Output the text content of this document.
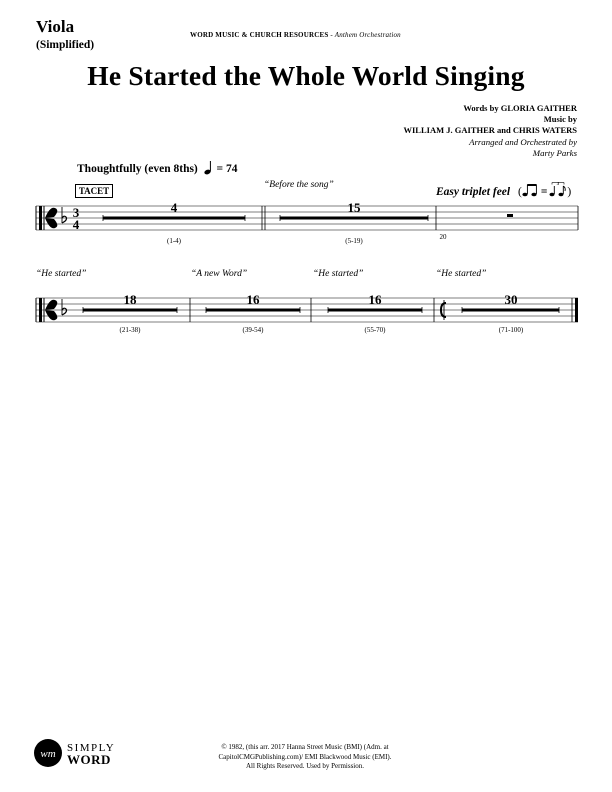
Viola
(Simplified)
WORD MUSIC & CHURCH RESOURCES - Anthem Orchestration
He Started the Whole World Singing
Words by GLORIA GAITHER
Music by
WILLIAM J. GAITHER and CHRIS WATERS
Arranged and Orchestrated by
Marty Parks
Thoughtfully (even 8ths) = 74
TACET
“Before the song”
Easy triplet feel ( =
3
)
3
4
4
(1-4)
15
(5-19)	20
“He started”	“A new Word”	“He started”	“He started”
18
(21-38)
16
(39-54)
16
(55-70)
30
(71-100)
wm SIMPLY
WORD
© 1982, (this arr. 2017 Hanna Street Music (BMI) (Adm. at
CapitolCMGPublishing.com)/ EMI Blackwood Music (EMI).
All Rights Reserved. Used by Permission.
